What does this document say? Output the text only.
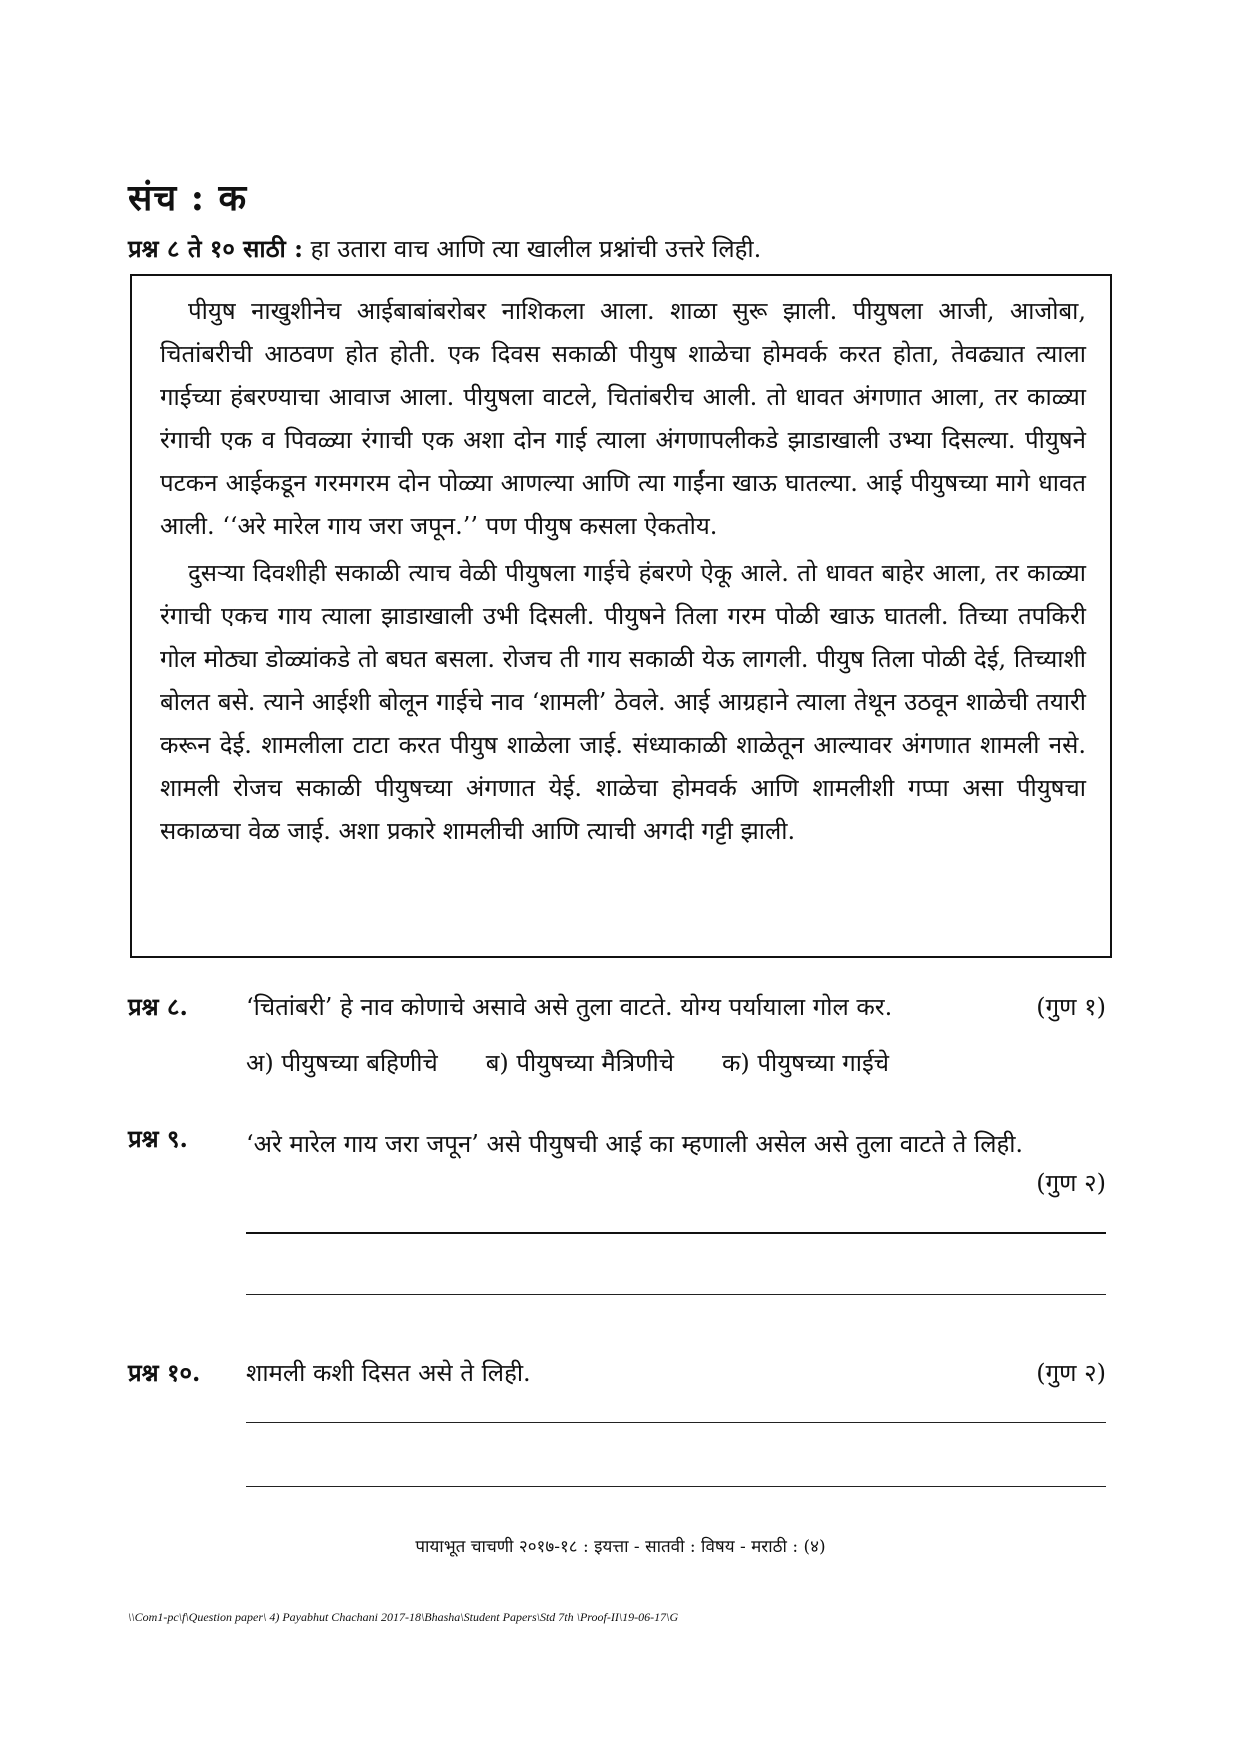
संच : क
प्रश्न ८ ते १० साठी : हा उतारा वाच आणि त्या खालील प्रश्नांची उत्तरे लिही.

पीयुष नाखुशीनेच आईबाबांबरोबर नाशिकला आला. शाळा सुरू झाली. पीयुषला आजी, आजोबा, चितांबरीची आठवण होत होती. एक दिवस सकाळी पीयुष शाळेचा होमवर्क करत होता, तेवढ्यात त्याला गाईच्या हंबरण्याचा आवाज आला. पीयुषला वाटले, चितांबरीच आली. तो धावत अंगणात आला, तर काळ्या रंगाची एक व पिवळ्या रंगाची एक अशा दोन गाई त्याला अंगणापलीकडे झाडाखाली उभ्या दिसल्या. पीयुषने पटकन आईकडून गरमगरम दोन पोळ्या आणल्या आणि त्या गाईंना खाऊ घातल्या. आई पीयुषच्या मागे धावत आली. ‘‘अरे मारेल गाय जरा जपून.’’ पण पीयुष कसला ऐकतोय.

दुसऱ्या दिवशीही सकाळी त्याच वेळी पीयुषला गाईचे हंबरणे ऐकू आले. तो धावत बाहेर आला, तर काळ्या रंगाची एकच गाय त्याला झाडाखाली उभी दिसली. पीयुषने तिला गरम पोळी खाऊ घातली. तिच्या तपकिरी गोल मोठ्या डोळ्यांकडे तो बघत बसला. रोजच ती गाय सकाळी येऊ लागली. पीयुष तिला पोळी देई, तिच्याशी बोलत बसे. त्याने आईशी बोलून गाईचे नाव ‘शामली’ ठेवले. आई आग्रहाने त्याला तेथून उठवून शाळेची तयारी करून देई. शामलीला टाटा करत पीयुष शाळेला जाई. संध्याकाळी शाळेतून आल्यावर अंगणात शामली नसे. शामली रोजच सकाळी पीयुषच्या अंगणात येई. शाळेचा होमवर्क आणि शामलीशी गप्पा असा पीयुषचा सकाळचा वेळ जाई. अशा प्रकारे शामलीची आणि त्याची अगदी गट्टी झाली.

प्रश्न ८.	‘चितांबरी’ हे नाव कोणाचे असावे असे तुला वाटते. योग्य पर्यायाला गोल कर.	(गुण १)
अ) पीयुषच्या बहिणीचे ब) पीयुषच्या मैत्रिणीचे क) पीयुषच्या गाईचे
प्रश्न ९.	‘अरे मारेल गाय जरा जपून’ असे पीयुषची आई का म्हणाली असेल असे तुला वाटते ते लिही.
(गुण २)
प्रश्न १०.	शामली कशी दिसत असे ते लिही.	(गुण २)
पायाभूत चाचणी २०१७-१८ : इयत्ता - सातवी : विषय - मराठी : (४)
\\Com1-pc\f\Question paper\ 4) Payabhut Chachani 2017-18\Bhasha\Student Papers\Std 7th \Proof-II\19-06-17\G
